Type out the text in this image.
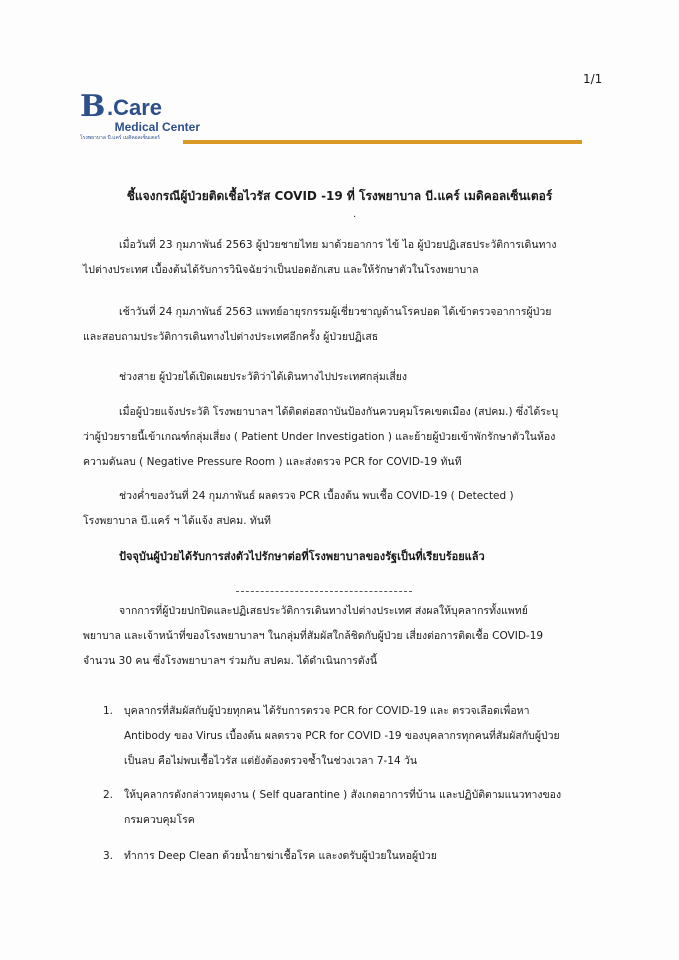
1/1
B .Care
Medical Center
โรงพยาบาล บี.แคร์ เมดิคอลเซ็นเตอร์
ชี้แจงกรณีผู้ป่วยติดเชื้อไวรัส COVID -19 ที่ โรงพยาบาล บี.แคร์ เมดิคอลเซ็นเตอร์
.
เมื่อวันที่ 23 กุมภาพันธ์ 2563 ผู้ป่วยชายไทย มาด้วยอาการ ไข้ ไอ ผู้ป่วยปฏิเสธประวัติการเดินทาง
ไปต่างประเทศ เบื้องต้นได้รับการวินิจฉัยว่าเป็นปอดอักเสบ และให้รักษาตัวในโรงพยาบาล
เช้าวันที่ 24 กุมภาพันธ์ 2563 แพทย์อายุรกรรมผู้เชี่ยวชาญด้านโรคปอด ได้เข้าตรวจอาการผู้ป่วย
และสอบถามประวัติการเดินทางไปต่างประเทศอีกครั้ง ผู้ป่วยปฏิเสธ
ช่วงสาย ผู้ป่วยได้เปิดเผยประวัติว่าได้เดินทางไปประเทศกลุ่มเสี่ยง
เมื่อผู้ป่วยแจ้งประวัติ โรงพยาบาลฯ ได้ติดต่อสถาบันป้องกันควบคุมโรคเขตเมือง (สปคม.) ซึ่งได้ระบุ
ว่าผู้ป่วยรายนี้เข้าเกณฑ์กลุ่มเสี่ยง ( Patient Under Investigation ) และย้ายผู้ป่วยเข้าพักรักษาตัวในห้อง
ความดันลบ ( Negative Pressure Room ) และส่งตรวจ PCR for COVID-19 ทันที
ช่วงค่ำของวันที่ 24 กุมภาพันธ์ ผลตรวจ PCR เบื้องต้น พบเชื้อ COVID-19 ( Detected )
โรงพยาบาล บี.แคร์ ฯ ได้แจ้ง สปคม. ทันที
ปัจจุบันผู้ป่วยได้รับการส่งตัวไปรักษาต่อที่โรงพยาบาลของรัฐเป็นที่เรียบร้อยแล้ว
จากการที่ผู้ป่วยปกปิดและปฏิเสธประวัติการเดินทางไปต่างประเทศ ส่งผลให้บุคลากรทั้งแพทย์
พยาบาล และเจ้าหน้าที่ของโรงพยาบาลฯ ในกลุ่มที่สัมผัสใกล้ชิดกับผู้ป่วย เสี่ยงต่อการติดเชื้อ COVID-19
จำนวน 30 คน ซึ่งโรงพยาบาลฯ ร่วมกับ สปคม. ได้ดำเนินการดังนี้
1. บุคลากรที่สัมผัสกับผู้ป่วยทุกคน ได้รับการตรวจ PCR for COVID-19 และ ตรวจเลือดเพื่อหา
Antibody ของ Virus เบื้องต้น ผลตรวจ PCR for COVID -19 ของบุคลากรทุกคนที่สัมผัสกับผู้ป่วย
เป็นลบ คือไม่พบเชื้อไวรัส แต่ยังต้องตรวจซ้ำในช่วงเวลา 7-14 วัน
2. ให้บุคลากรดังกล่าวหยุดงาน ( Self quarantine ) สังเกตอาการที่บ้าน และปฏิบัติตามแนวทางของ
กรมควบคุมโรค
3. ทำการ Deep Clean ด้วยน้ำยาฆ่าเชื้อโรค และงดรับผู้ป่วยในหอผู้ป่วย
